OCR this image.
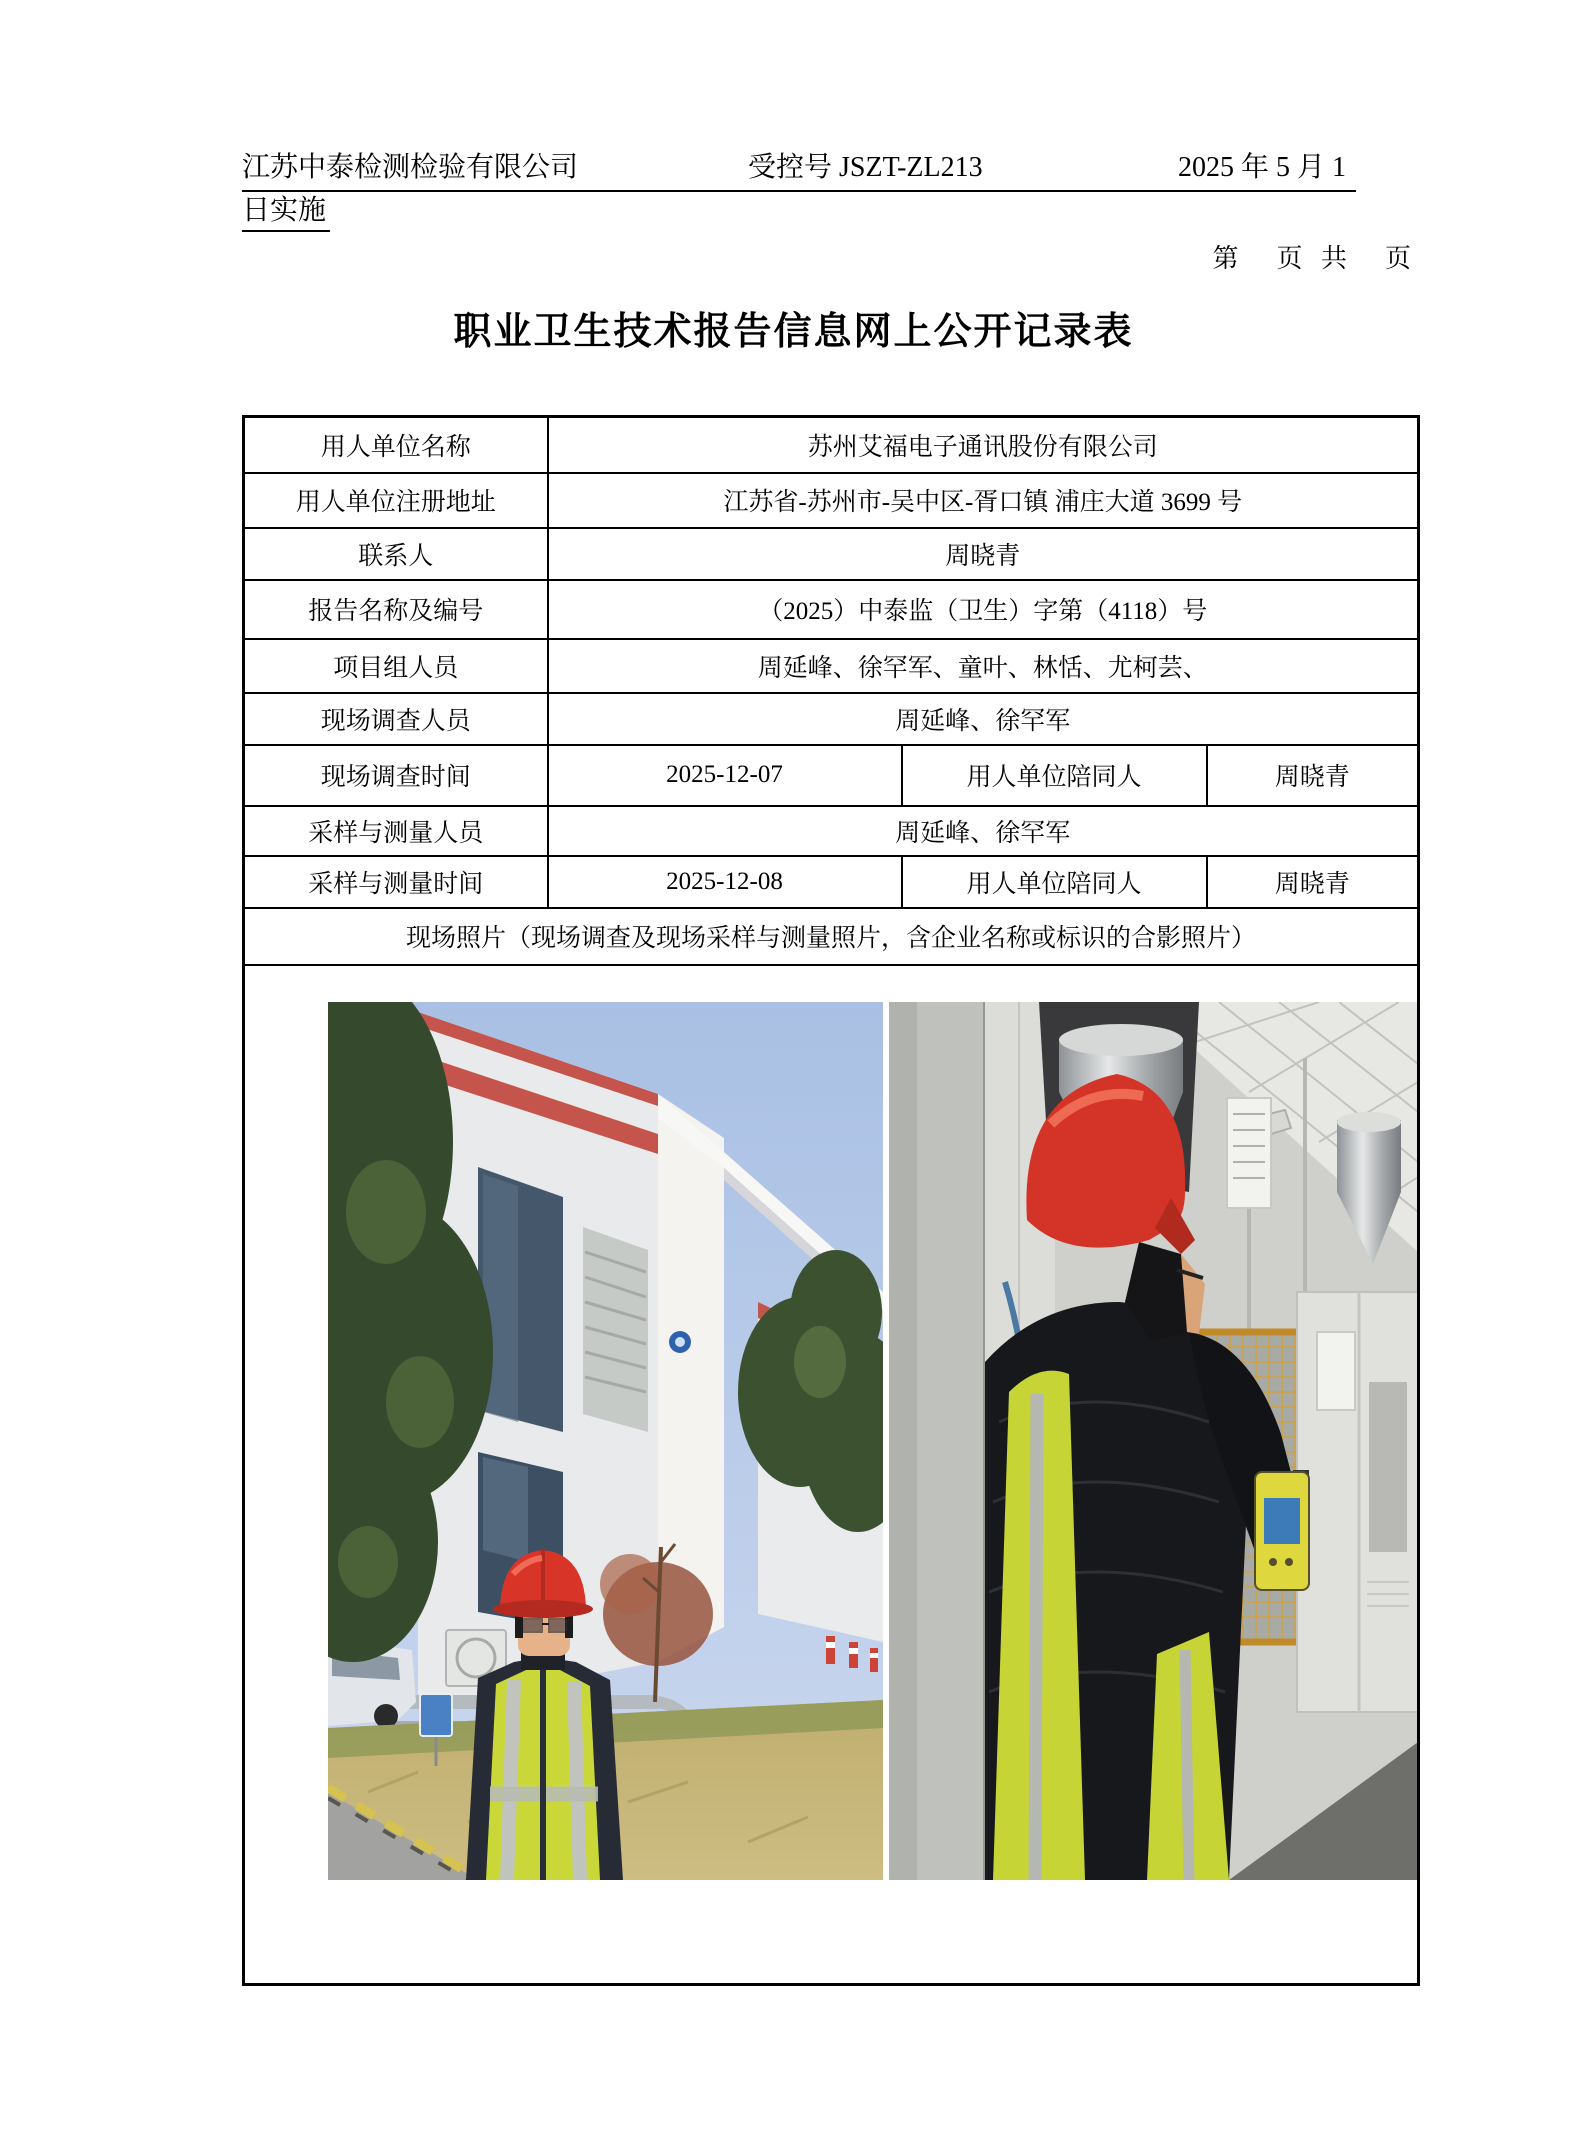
江苏中泰检测检验有限公司	受控号 JSZT-ZL213	2025 年 5 月 1
日实施
第　页 共　页
职业卫生技术报告信息网上公开记录表
用人单位名称	苏州艾福电子通讯股份有限公司		
用人单位注册地址	江苏省-苏州市-吴中区-胥口镇 浦庄大道 3699 号		
联系人	周晓青		
报告名称及编号	（2025）中泰监（卫生）字第（4118）号		
项目组人员	周延峰、徐罕军、童叶、林恬、尤柯芸、		
现场调查人员	周延峰、徐罕军		
现场调查时间	2025-12-07	用人单位陪同人	周晓青
采样与测量人员	周延峰、徐罕军		
采样与测量时间	2025-12-08	用人单位陪同人	周晓青
现场照片（现场调查及现场采样与测量照片，含企业名称或标识的合影照片）			
